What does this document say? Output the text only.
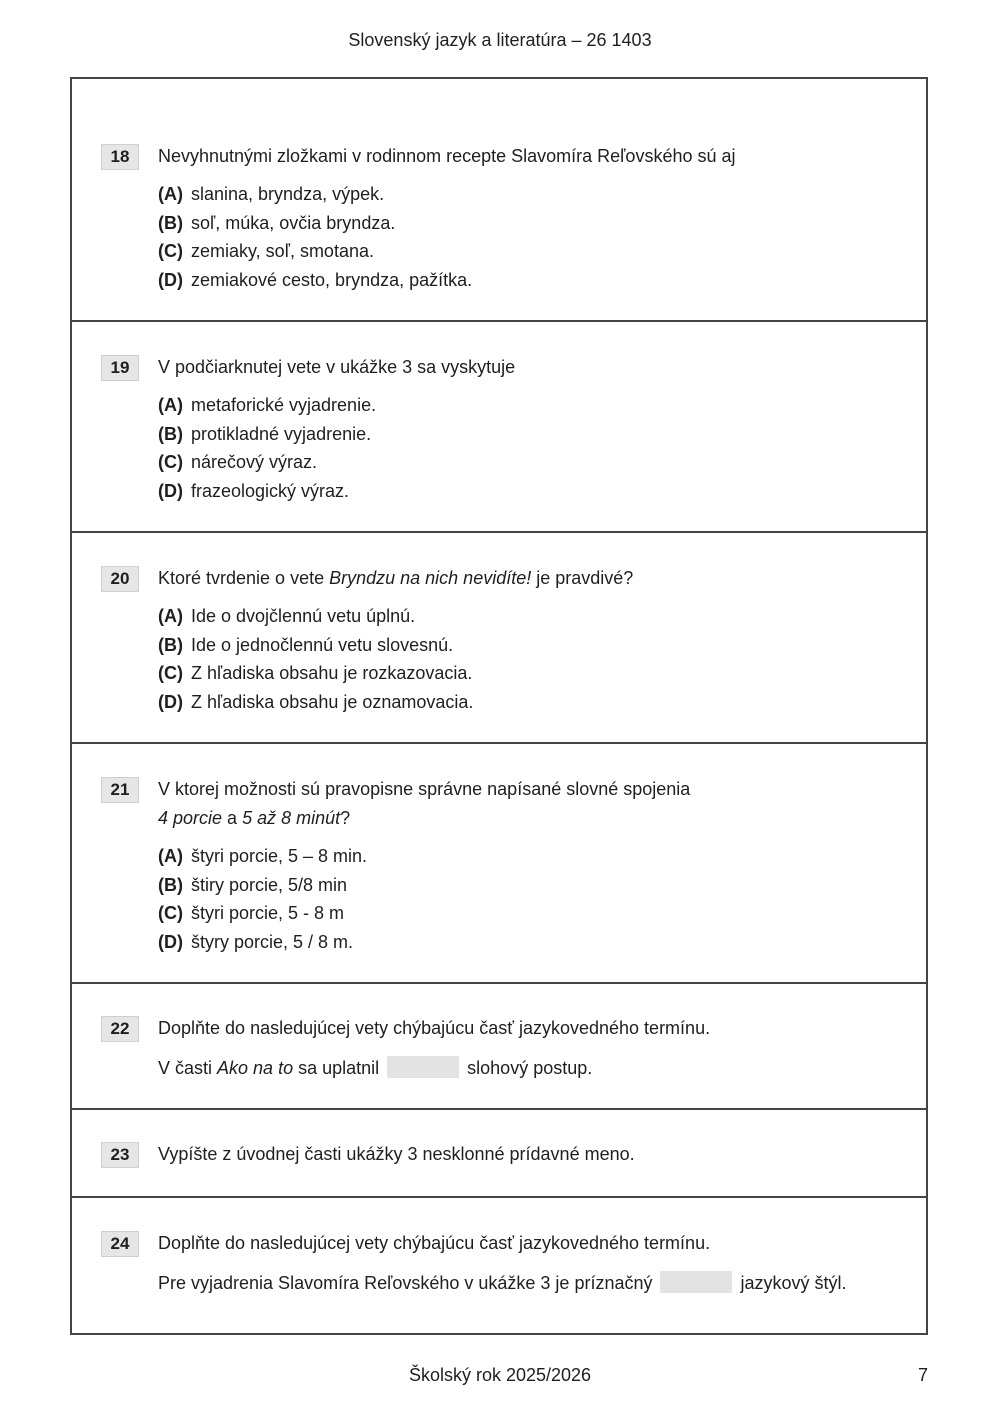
Slovenský jazyk a literatúra – 26 1403
18	Nevyhnutnými zložkami v rodinnom recepte Slavomíra Reľovského sú aj
(A) slanina, bryndza, výpek.
(B) soľ, múka, ovčia bryndza.
(C) zemiaky, soľ, smotana.
(D) zemiakové cesto, bryndza, pažítka.
19	V podčiarknutej vete v ukážke 3 sa vyskytuje
(A) metaforické vyjadrenie.
(B) protikladné vyjadrenie.
(C) nárečový výraz.
(D) frazeologický výraz.
20	Ktoré tvrdenie o vete Bryndzu na nich nevidíte! je pravdivé?
(A) Ide o dvojčlennú vetu úplnú.
(B) Ide o jednočlennú vetu slovesnú.
(C) Z hľadiska obsahu je rozkazovacia.
(D) Z hľadiska obsahu je oznamovacia.
21	V ktorej možnosti sú pravopisne správne napísané slovné spojenia
4 porcie a 5 až 8 minút?
(A) štyri porcie, 5 – 8 min.
(B) štiry porcie, 5/8 min
(C) štyri porcie, 5 - 8 m
(D) štyry porcie, 5 / 8 m.
22	Doplňte do nasledujúcej vety chýbajúcu časť jazykovedného termínu.
V časti Ako na to sa uplatnil	slohový postup.
23	Vypíšte z úvodnej časti ukážky 3 nesklonné prídavné meno.
24	Doplňte do nasledujúcej vety chýbajúcu časť jazykovedného termínu.
Pre vyjadrenia Slavomíra Reľovského v ukážke 3 je príznačný	jazykový štýl.
Školský rok 2025/2026	7
